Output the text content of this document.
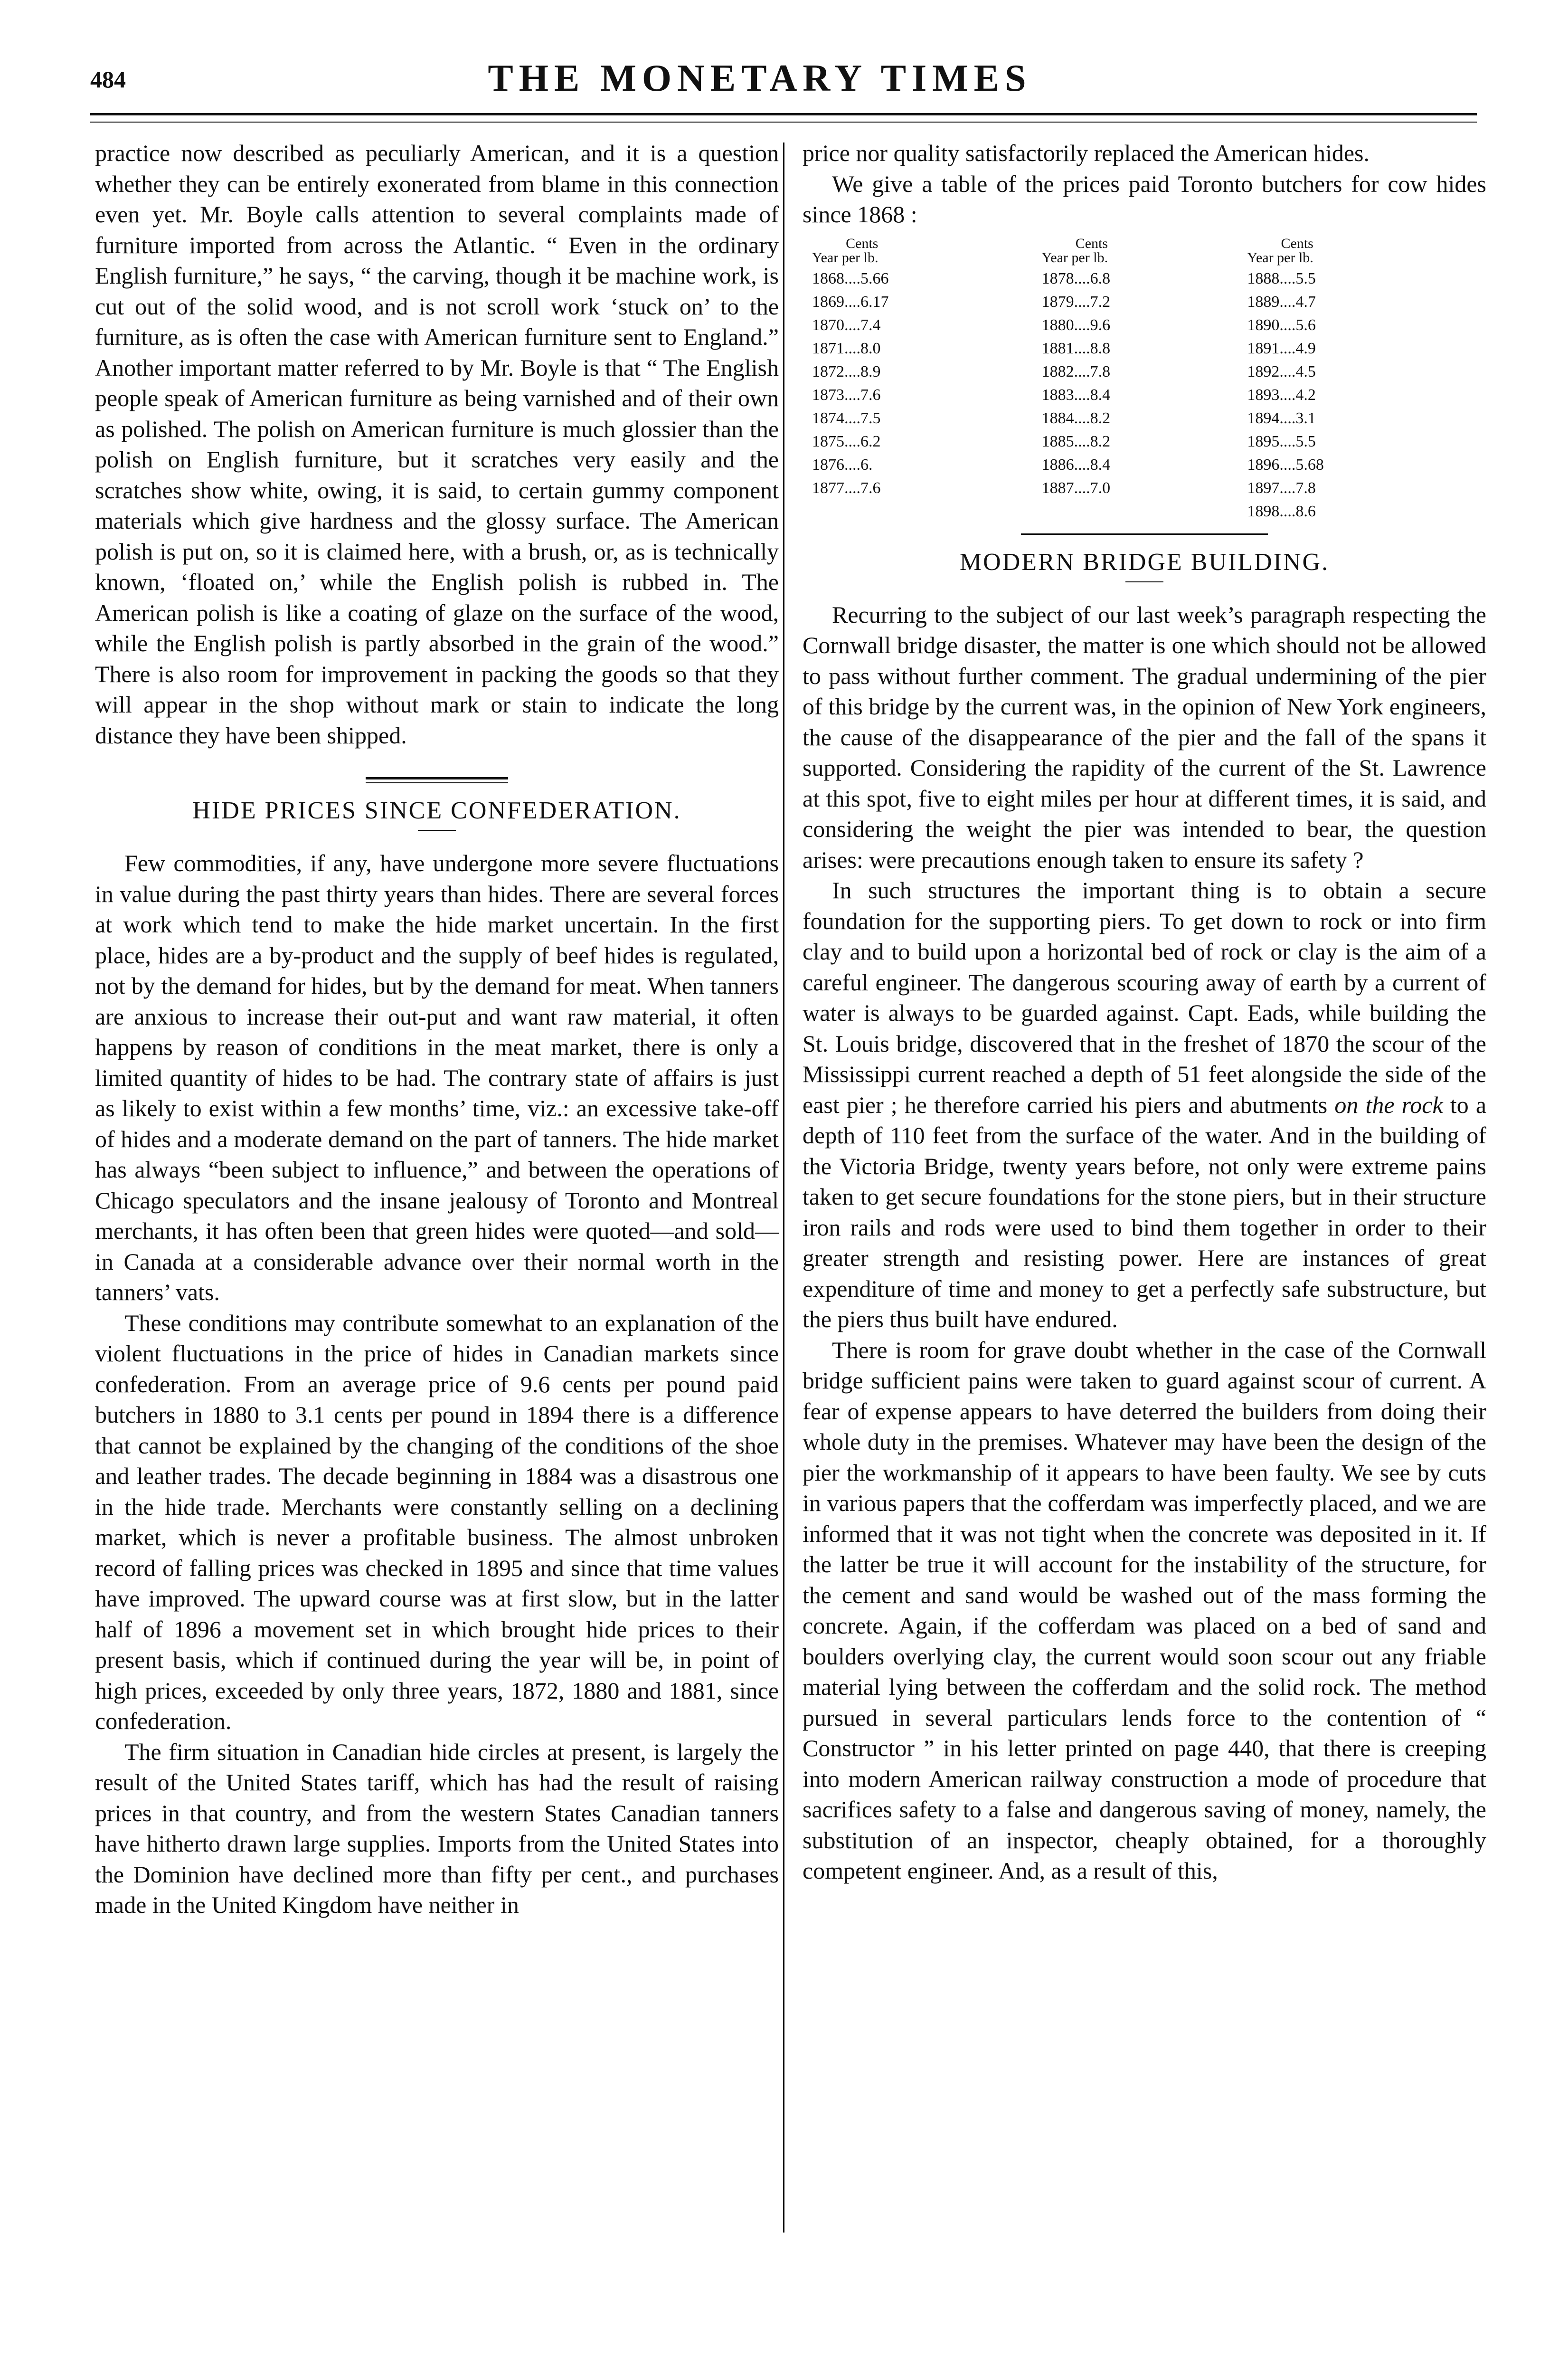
484	THE MONETARY TIMES

practice now described as peculiarly American, and it is a question whether they can be entirely exonerated from blame in this connection even yet. Mr. Boyle calls attention to several complaints made of furniture imported from across the Atlantic. “ Even in the ordinary English furniture,” he says, “ the carving, though it be machine work, is cut out of the solid wood, and is not scroll work ‘stuck on’ to the furniture, as is often the case with American furniture sent to England.” Another important matter referred to by Mr. Boyle is that “ The English people speak of American furniture as being varnished and of their own as polished. The polish on American furniture is much glossier than the polish on English furniture, but it scratches very easily and the scratches show white, owing, it is said, to certain gummy component materials which give hardness and the glossy surface. The American polish is put on, so it is claimed here, with a brush, or, as is technically known, ‘floated on,’ while the English polish is rubbed in. The American polish is like a coating of glaze on the surface of the wood, while the English polish is partly absorbed in the grain of the wood.” There is also room for improvement in packing the goods so that they will appear in the shop without mark or stain to indicate the long distance they have been shipped.

HIDE PRICES SINCE CONFEDERATION.

Few commodities, if any, have undergone more severe fluctuations in value during the past thirty years than hides. There are several forces at work which tend to make the hide market uncertain. In the first place, hides are a by-product and the supply of beef hides is regulated, not by the demand for hides, but by the demand for meat. When tanners are anxious to increase their out-put and want raw material, it often happens by reason of conditions in the meat market, there is only a limited quantity of hides to be had. The contrary state of affairs is just as likely to exist within a few months’ time, viz.: an excessive take-off of hides and a moderate demand on the part of tanners. The hide market has always “been subject to influence,” and between the operations of Chicago speculators and the insane jealousy of Toronto and Montreal merchants, it has often been that green hides were quoted—and sold—in Canada at a considerable advance over their normal worth in the tanners’ vats.

These conditions may contribute somewhat to an explanation of the violent fluctuations in the price of hides in Canadian markets since confederation. From an average price of 9.6 cents per pound paid butchers in 1880 to 3.1 cents per pound in 1894 there is a difference that cannot be explained by the changing of the conditions of the shoe and leather trades. The decade beginning in 1884 was a disastrous one in the hide trade. Merchants were constantly selling on a declining market, which is never a profitable business. The almost unbroken record of falling prices was checked in 1895 and since that time values have improved. The upward course was at first slow, but in the latter half of 1896 a movement set in which brought hide prices to their present basis, which if continued during the year will be, in point of high prices, exceeded by only three years, 1872, 1880 and 1881, since confederation.

The firm situation in Canadian hide circles at present, is largely the result of the United States tariff, which has had the result of raising prices in that country, and from the western States Canadian tanners have hitherto drawn large supplies. Imports from the United States into the Dominion have declined more than fifty per cent., and purchases made in the United Kingdom have neither in

price nor quality satisfactorily replaced the American hides.

We give a table of the prices paid Toronto butchers for cow hides since 1868 :

Year Cents
per lb.	Year Cents
per lb.	Year Cents
per lb.
1868....5.66	1878....6.8	1888....5.5
1869....6.17	1879....7.2	1889....4.7
1870....7.4	1880....9.6	1890....5.6
1871....8.0	1881....8.8	1891....4.9
1872....8.9	1882....7.8	1892....4.5
1873....7.6	1883....8.4	1893....4.2
1874....7.5	1884....8.2	1894....3.1
1875....6.2	1885....8.2	1895....5.5
1876....6.	1886....8.4	1896....5.68
1877....7.6	1887....7.0	1897....7.8
		1898....8.6
MODERN BRIDGE BUILDING.

Recurring to the subject of our last week’s paragraph respecting the Cornwall bridge disaster, the matter is one which should not be allowed to pass without further comment. The gradual undermining of the pier of this bridge by the current was, in the opinion of New York engineers, the cause of the disappearance of the pier and the fall of the spans it supported. Considering the rapidity of the current of the St. Lawrence at this spot, five to eight miles per hour at different times, it is said, and considering the weight the pier was intended to bear, the question arises: were precautions enough taken to ensure its safety ?

In such structures the important thing is to obtain a secure foundation for the supporting piers. To get down to rock or into firm clay and to build upon a horizontal bed of rock or clay is the aim of a careful engineer. The dangerous scouring away of earth by a current of water is always to be guarded against. Capt. Eads, while building the St. Louis bridge, discovered that in the freshet of 1870 the scour of the Mississippi current reached a depth of 51 feet alongside the side of the east pier ; he therefore carried his piers and abutments on the rock to a depth of 110 feet from the surface of the water. And in the building of the Victoria Bridge, twenty years before, not only were extreme pains taken to get secure foundations for the stone piers, but in their structure iron rails and rods were used to bind them together in order to their greater strength and resisting power. Here are instances of great expenditure of time and money to get a perfectly safe substructure, but the piers thus built have endured.

There is room for grave doubt whether in the case of the Cornwall bridge sufficient pains were taken to guard against scour of current. A fear of expense appears to have deterred the builders from doing their whole duty in the premises. Whatever may have been the design of the pier the workmanship of it appears to have been faulty. We see by cuts in various papers that the cofferdam was imperfectly placed, and we are informed that it was not tight when the concrete was deposited in it. If the latter be true it will account for the instability of the structure, for the cement and sand would be washed out of the mass forming the concrete. Again, if the cofferdam was placed on a bed of sand and boulders overlying clay, the current would soon scour out any friable material lying between the cofferdam and the solid rock. The method pursued in several particulars lends force to the contention of “ Constructor ” in his letter printed on page 440, that there is creeping into modern American railway construction a mode of procedure that sacrifices safety to a false and dangerous saving of money, namely, the substitution of an inspector, cheaply obtained, for a thoroughly competent engineer. And, as a result of this,
